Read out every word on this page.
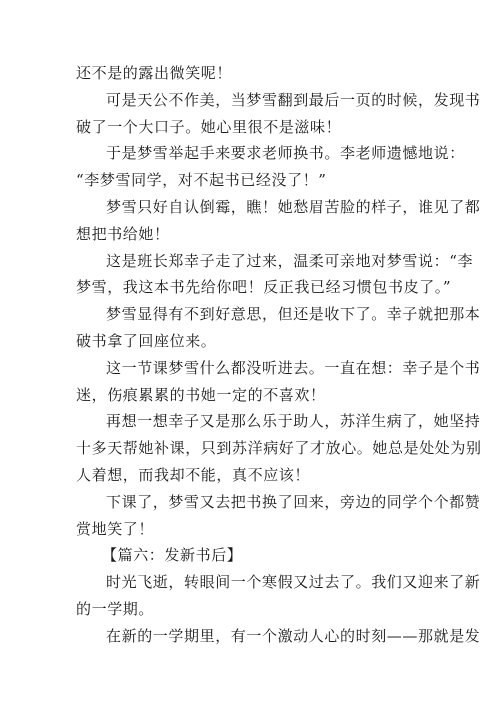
还不是的露出微笑呢！
可是天公不作美，当梦雪翻到最后一页的时候，发现书
破了一个大口子。她心里很不是滋味！
于是梦雪举起手来要求老师换书。李老师遗憾地说：
“李梦雪同学，对不起书已经没了！”
梦雪只好自认倒霉，瞧！她愁眉苦脸的样子，谁见了都
想把书给她！
这是班长郑幸子走了过来，温柔可亲地对梦雪说：“李
梦雪，我这本书先给你吧！反正我已经习惯包书皮了。”
梦雪显得有不到好意思，但还是收下了。幸子就把那本
破书拿了回座位来。
这一节课梦雪什么都没听进去。一直在想：幸子是个书
迷，伤痕累累的书她一定的不喜欢！
再想一想幸子又是那么乐于助人，苏洋生病了，她坚持
十多天帮她补课，只到苏洋病好了才放心。她总是处处为别
人着想，而我却不能，真不应该！
下课了，梦雪又去把书换了回来，旁边的同学个个都赞
赏地笑了！
【篇六：发新书后】
时光飞逝，转眼间一个寒假又过去了。我们又迎来了新
的一学期。
在新的一学期里，有一个激动人心的时刻——那就是发
